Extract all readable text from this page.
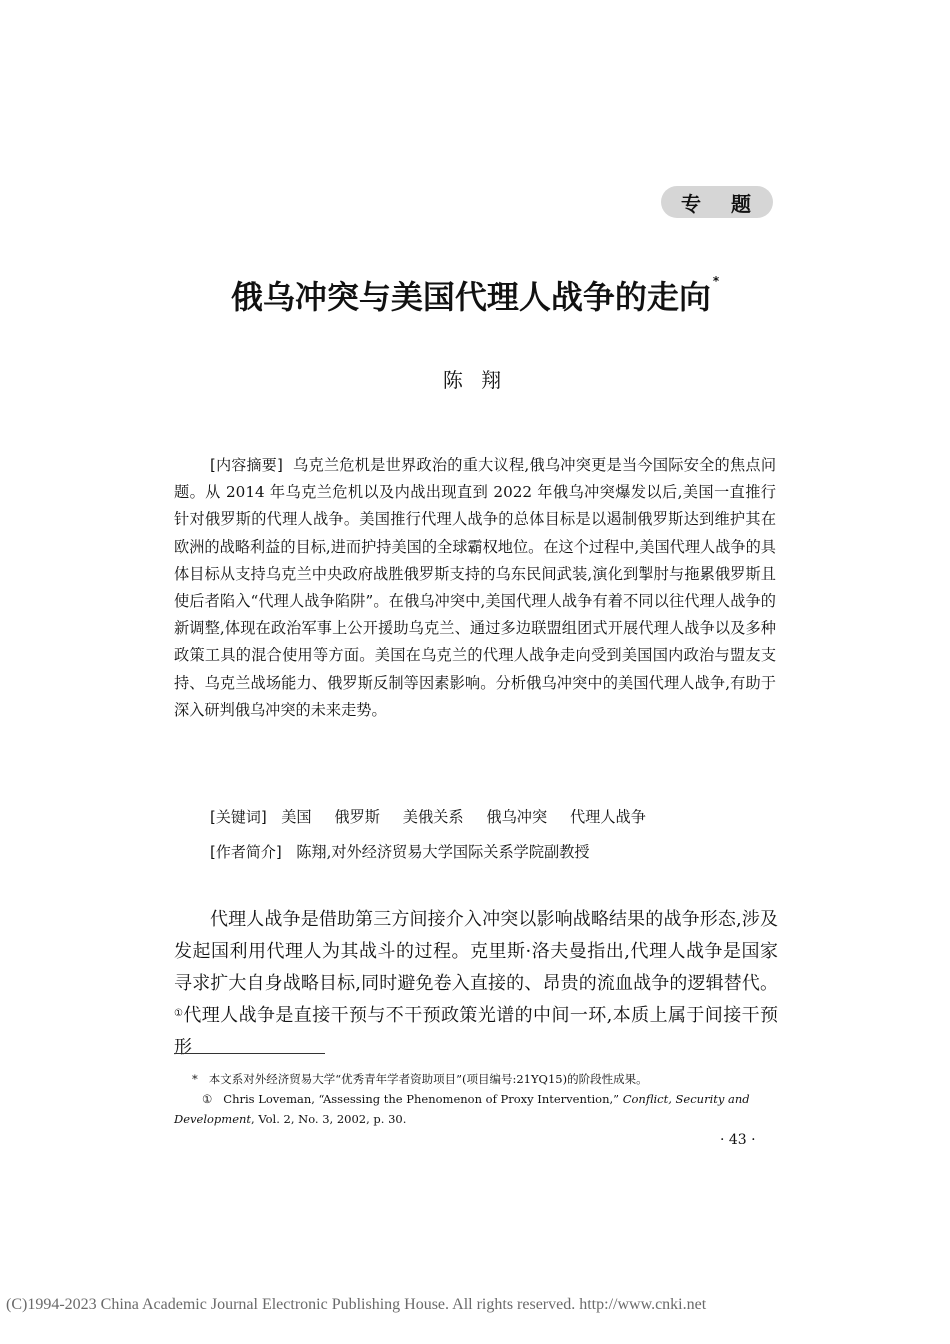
专 题
俄乌冲突与美国代理人战争的走向 *
陈 翔

[内容摘要] 乌克兰危机是世界政治的重大议程,俄乌冲突更是当今国际安全的焦点问题。从 2014 年乌克兰危机以及内战出现直到 2022 年俄乌冲突爆发以后,美国一直推行针对俄罗斯的代理人战争。美国推行代理人战争的总体目标是以遏制俄罗斯达到维护其在欧洲的战略利益的目标,进而护持美国的全球霸权地位。在这个过程中,美国代理人战争的具体目标从支持乌克兰中央政府战胜俄罗斯支持的乌东民间武装,演化到掣肘与拖累俄罗斯且使后者陷入“代理人战争陷阱”。在俄乌冲突中,美国代理人战争有着不同以往代理人战争的新调整,体现在政治军事上公开援助乌克兰、通过多边联盟组团式开展代理人战争以及多种政策工具的混合使用等方面。美国在乌克兰的代理人战争走向受到美国国内政治与盟友支持、乌克兰战场能力、俄罗斯反制等因素影响。分析俄乌冲突中的美国代理人战争,有助于深入研判俄乌冲突的未来走势。

[关键词] 美国 俄罗斯 美俄关系 俄乌冲突 代理人战争
[作者简介] 陈翔,对外经济贸易大学国际关系学院副教授

代理人战争是借助第三方间接介入冲突以影响战略结果的战争形态,涉及发起国利用代理人为其战斗的过程。克里斯·洛夫曼指出,代理人战争是国家寻求扩大自身战略目标,同时避免卷入直接的、昂贵的流血战争的逻辑替代。①代理人战争是直接干预与不干预政策光谱的中间一环,本质上属于间接干预形

* 本文系对外经济贸易大学“优秀青年学者资助项目”(项目编号:21YQ15)的阶段性成果。

① Chris Loveman, “Assessing the Phenomenon of Proxy Intervention,” Conflict, Security and Development, Vol. 2, No. 3, 2002, p. 30.

· 43 ·
(C)1994-2023 China Academic Journal Electronic Publishing House. All rights reserved. http://www.cnki.net
